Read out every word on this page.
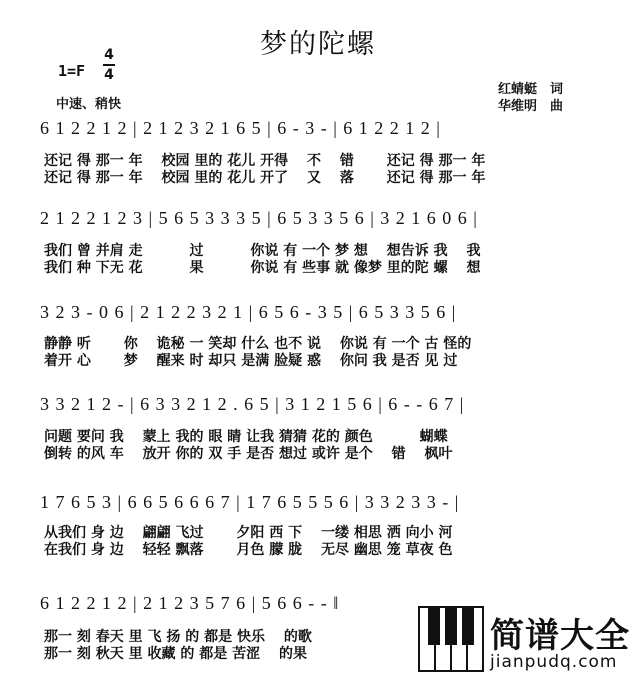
梦的陀螺
1=F
4
4
中速、稍快
红蜻蜓　词
华维明　曲
6 1 2 2 1 2 | 2 1 2 3 2 1 6 5 | 6 - 3 - | 6 1 2 2 1 2 |
还记 得 那一 年　 校园 里的 花儿 开得　 不　 错　　 还记 得 那一 年
还记 得 那一 年　 校园 里的 花儿 开了　 又　 落　　 还记 得 那一 年
2 1 2 2 1 2 3 | 5 6 5 3 3 3 5 | 6 5 3 3 5 6 | 3 2 1 6 0 6 |
我们 曾 并肩 走　　　 过　　　 你说 有 一个 梦 想　 想告诉 我　 我
我们 种 下无 花　　　 果　　　 你说 有 些事 就 像梦 里的陀 螺　 想
3 2 3 - 0 6 | 2 1 2 2 3 2 1 | 6 5 6 - 3 5 | 6 5 3 3 5 6 |
静静 听　　 你　 诡秘 一 笑却 什么 也不 说　 你说 有 一个 古 怪的
着开 心　　 梦　 醒来 时 却只 是满 脸疑 惑　 你问 我 是否 见 过
3 3 2 1 2 - | 6 3 3 2 1 2 . 6 5 | 3 1 2 1 5 6 | 6 - - 6 7 |
问题 要问 我　 蒙上 我的 眼 睛 让我 猜猜 花的 颜色　　　 蝴蝶
倒转 的风 车　 放开 你的 双 手 是否 想过 或许 是个　 错　 枫叶
1 7 6 5 3 | 6 6 5 6 6 6 7 | 1 7 6 5 5 5 6 | 3 3 2 3 3 - |
从我们 身 边　 翩翩 飞过　　 夕阳 西 下　 一缕 相思 洒 向小 河
在我们 身 边　 轻轻 飘落　　 月色 朦 胧　 无尽 幽思 笼 草夜 色
6 1 2 2 1 2 | 2 1 2 3 5 7 6 | 5 6 6 - - ‖
那一 刻 春天 里 飞 扬 的 都是 快乐　 的歌
那一 刻 秋天 里 收藏 的 都是 苦涩　 的果	简谱大全
jianpudq.com
